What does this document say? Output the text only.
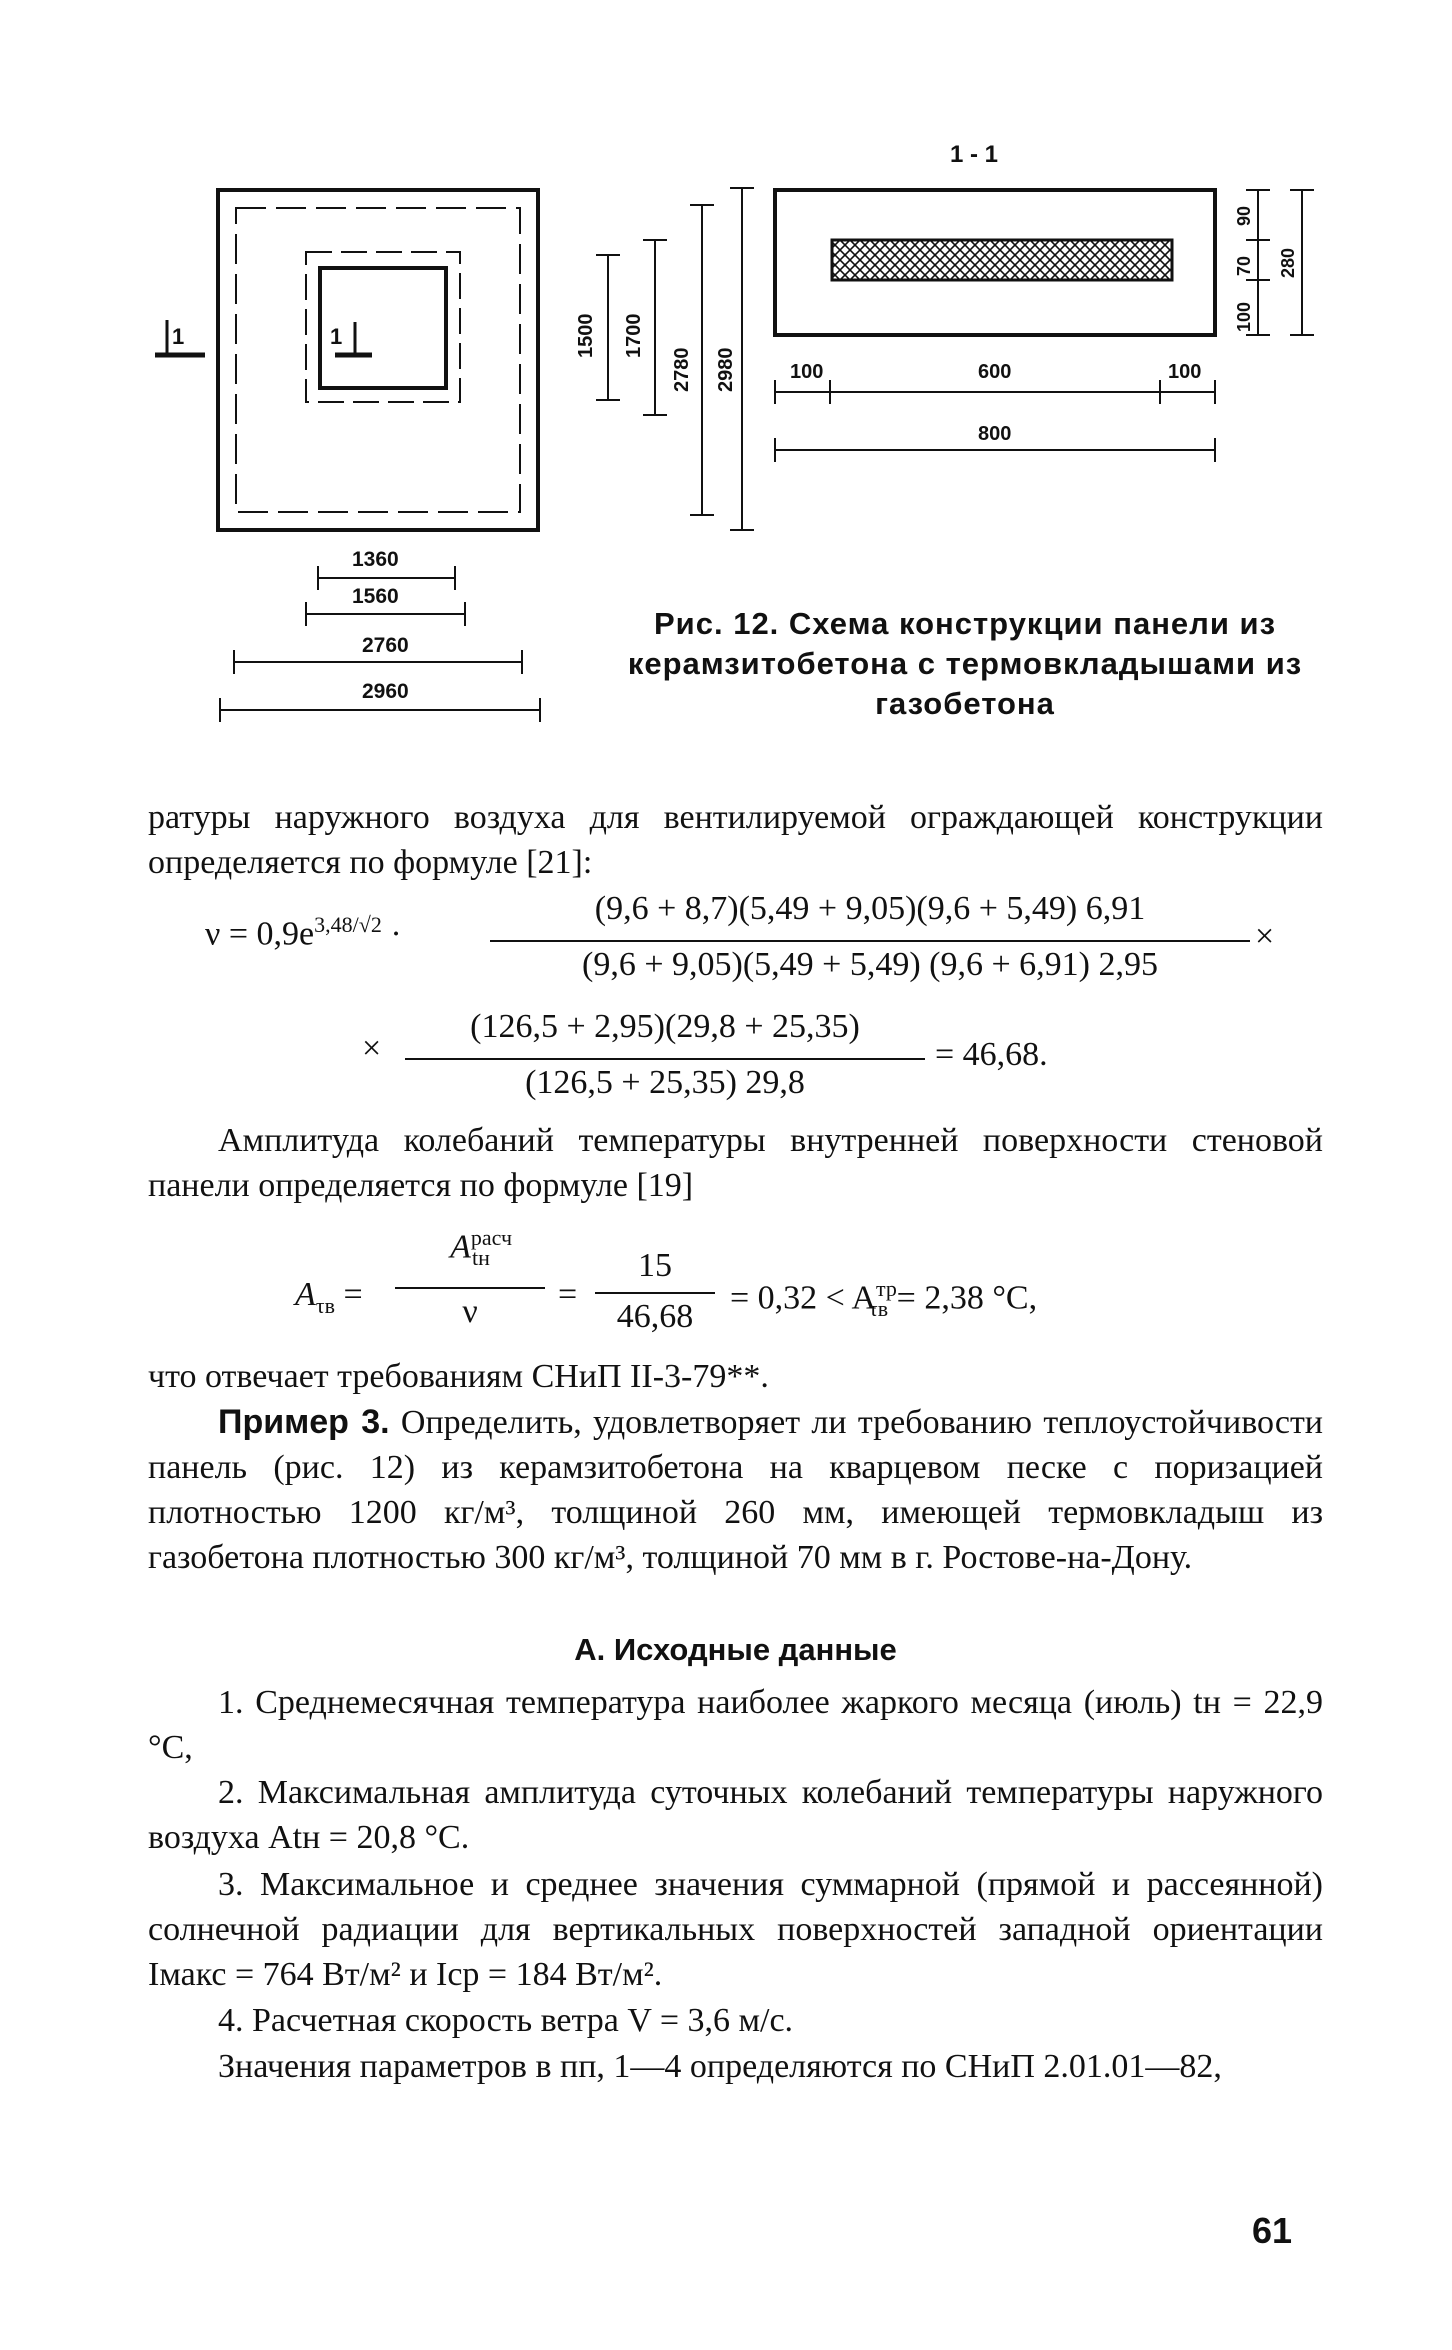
1	1
1360
1560
2760
2960
1500 1700
2780 2980
1 - 1
100	600	100
800
100
70
90
280
Рис. 12. Схема конструкции панели из керамзитобетона с термовкладышами из газобетона
ратуры наружного воздуха для вентилируемой ограждающей конструкции определяется по формуле [21]:
$\nu = 0,9e^{3,48/√2}$ ·
(9,6 + 8,7)(5,49 + 9,05)(9,6 + 5,49) 6,91
(9,6 + 9,05)(5,49 + 5,49) (9,6 + 6,91) 2,95
×
×
(126,5 + 2,95)(29,8 + 25,35)
(126,5 + 25,35) 29,8
= 46,68.
Амплитуда колебаний температуры внутренней поверхности стеновой панели определяется по формуле [19]
$A_{\tau в}$ =
$A^{расч}_{tн}$
ν	=
15
46,68
= $0,32 < A^{тр}_{\tau в} = 2,38$ °С,
что отвечает требованиям СНиП II-3-79**.
Пример 3. Определить, удовлетворяет ли требованию теплоустойчивости панель (рис. 12) из керамзитобетона на кварцевом песке с поризацией плотностью 1200 кг/м³, толщиной 260 мм, имеющей термовкладыш из газобетона плотностью 300 кг/м³, толщиной 70 мм в г. Ростове-на-Дону.
А. Исходные данные
1. Среднемесячная температура наиболее жаркого месяца (июль) tн = 22,9 °С,
2. Максимальная амплитуда суточных колебаний температуры наружного воздуха Atн = 20,8 °С.
3. Максимальное и среднее значения суммарной (прямой и рассеянной) солнечной радиации для вертикальных поверхностей западной ориентации Iмакс = 764 Вт/м² и Iср = 184 Вт/м².
4. Расчетная скорость ветра V = 3,6 м/с.
Значения параметров в пп, 1—4 определяются по СНиП 2.01.01—82,
61
